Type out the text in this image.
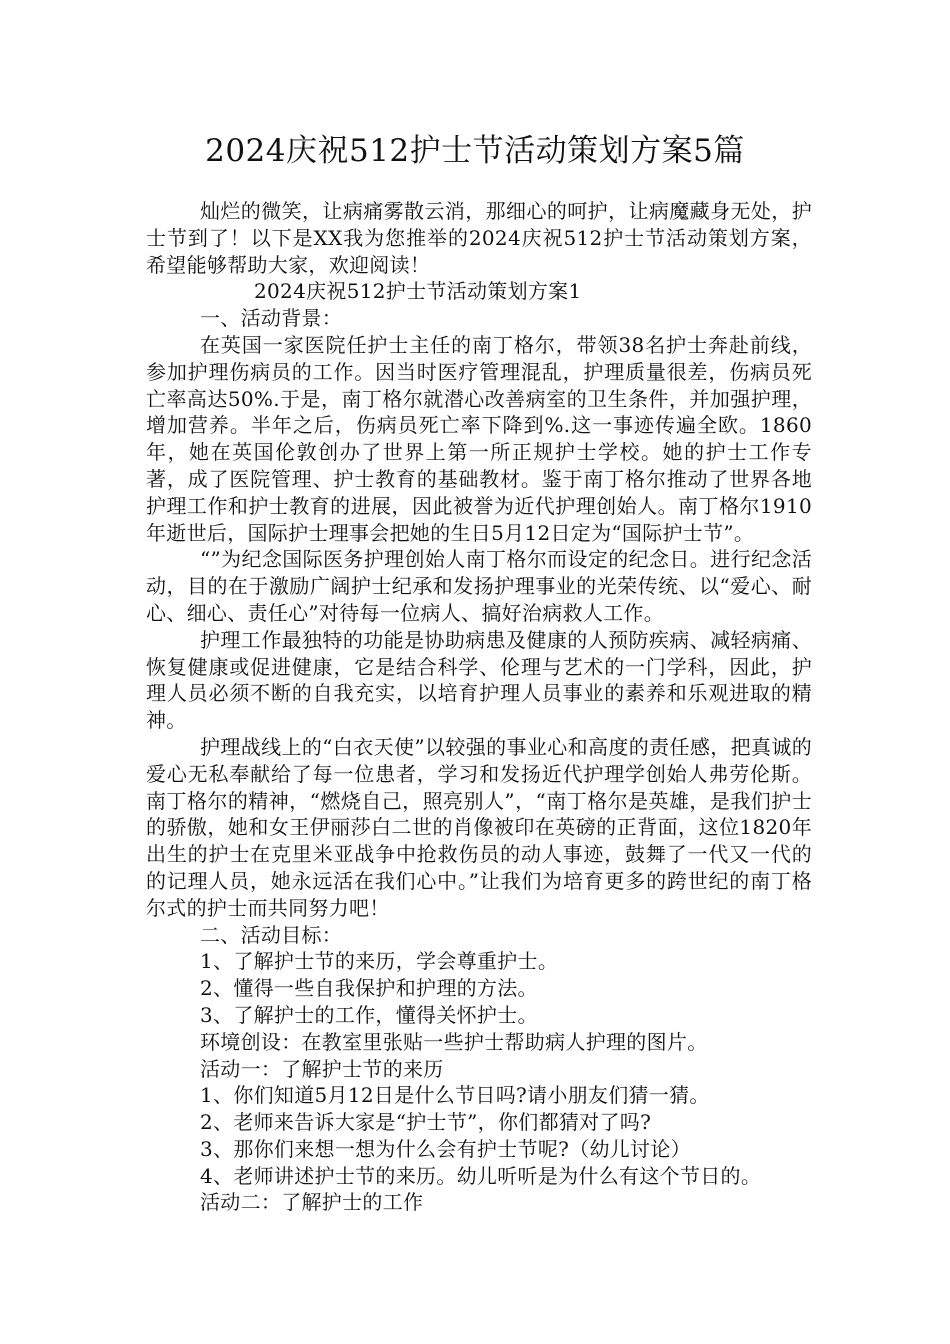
2024庆祝512护士节活动策划方案5篇

灿烂的微笑，让病痛雾散云消，那细心的呵护，让病魔藏身无处，护士节到了！以下是XX我为您推举的2024庆祝512护士节活动策划方案，希望能够帮助大家，欢迎阅读！

2024庆祝512护士节活动策划方案1

一、活动背景：

在英国一家医院任护士主任的南丁格尔，带领38名护士奔赴前线，参加护理伤病员的工作。因当时医疗管理混乱，护理质量很差，伤病员死亡率高达50%.于是，南丁格尔就潜心改善病室的卫生条件，并加强护理，增加营养。半年之后，伤病员死亡率下降到%.这一事迹传遍全欧。1860年，她在英国伦敦创办了世界上第一所正规护士学校。她的护士工作专著，成了医院管理、护士教育的基础教材。鉴于南丁格尔推动了世界各地护理工作和护士教育的进展，因此被誉为近代护理创始人。南丁格尔1910年逝世后，国际护士理事会把她的生日5月12日定为“国际护士节”。

“”为纪念国际医务护理创始人南丁格尔而设定的纪念日。进行纪念活动，目的在于激励广阔护士纪承和发扬护理事业的光荣传统、以“爱心、耐心、细心、责任心”对待每一位病人、搞好治病救人工作。

护理工作最独特的功能是协助病患及健康的人预防疾病、减轻病痛、恢复健康或促进健康，它是结合科学、伦理与艺术的一门学科，因此，护理人员必须不断的自我充实，以培育护理人员事业的素养和乐观进取的精神。

护理战线上的“白衣天使”以较强的事业心和高度的责任感，把真诚的爱心无私奉献给了每一位患者，学习和发扬近代护理学创始人弗劳伦斯。南丁格尔的精神，“燃烧自己，照亮别人”，“南丁格尔是英雄，是我们护士的骄傲，她和女王伊丽莎白二世的肖像被印在英磅的正背面，这位1820年出生的护士在克里米亚战争中抢救伤员的动人事迹，鼓舞了一代又一代的的记理人员，她永远活在我们心中。”让我们为培育更多的跨世纪的南丁格尔式的护士而共同努力吧！

二、活动目标：

1、了解护士节的来历，学会尊重护士。

2、懂得一些自我保护和护理的方法。

3、了解护士的工作，懂得关怀护士。

环境创设：在教室里张贴一些护士帮助病人护理的图片。

活动一：了解护士节的来历

1、你们知道5月12日是什么节日吗?请小朋友们猜一猜。

2、老师来告诉大家是“护士节”，你们都猜对了吗?

3、那你们来想一想为什么会有护士节呢?（幼儿讨论）

4、老师讲述护士节的来历。幼儿听听是为什么有这个节日的。

活动二：了解护士的工作
